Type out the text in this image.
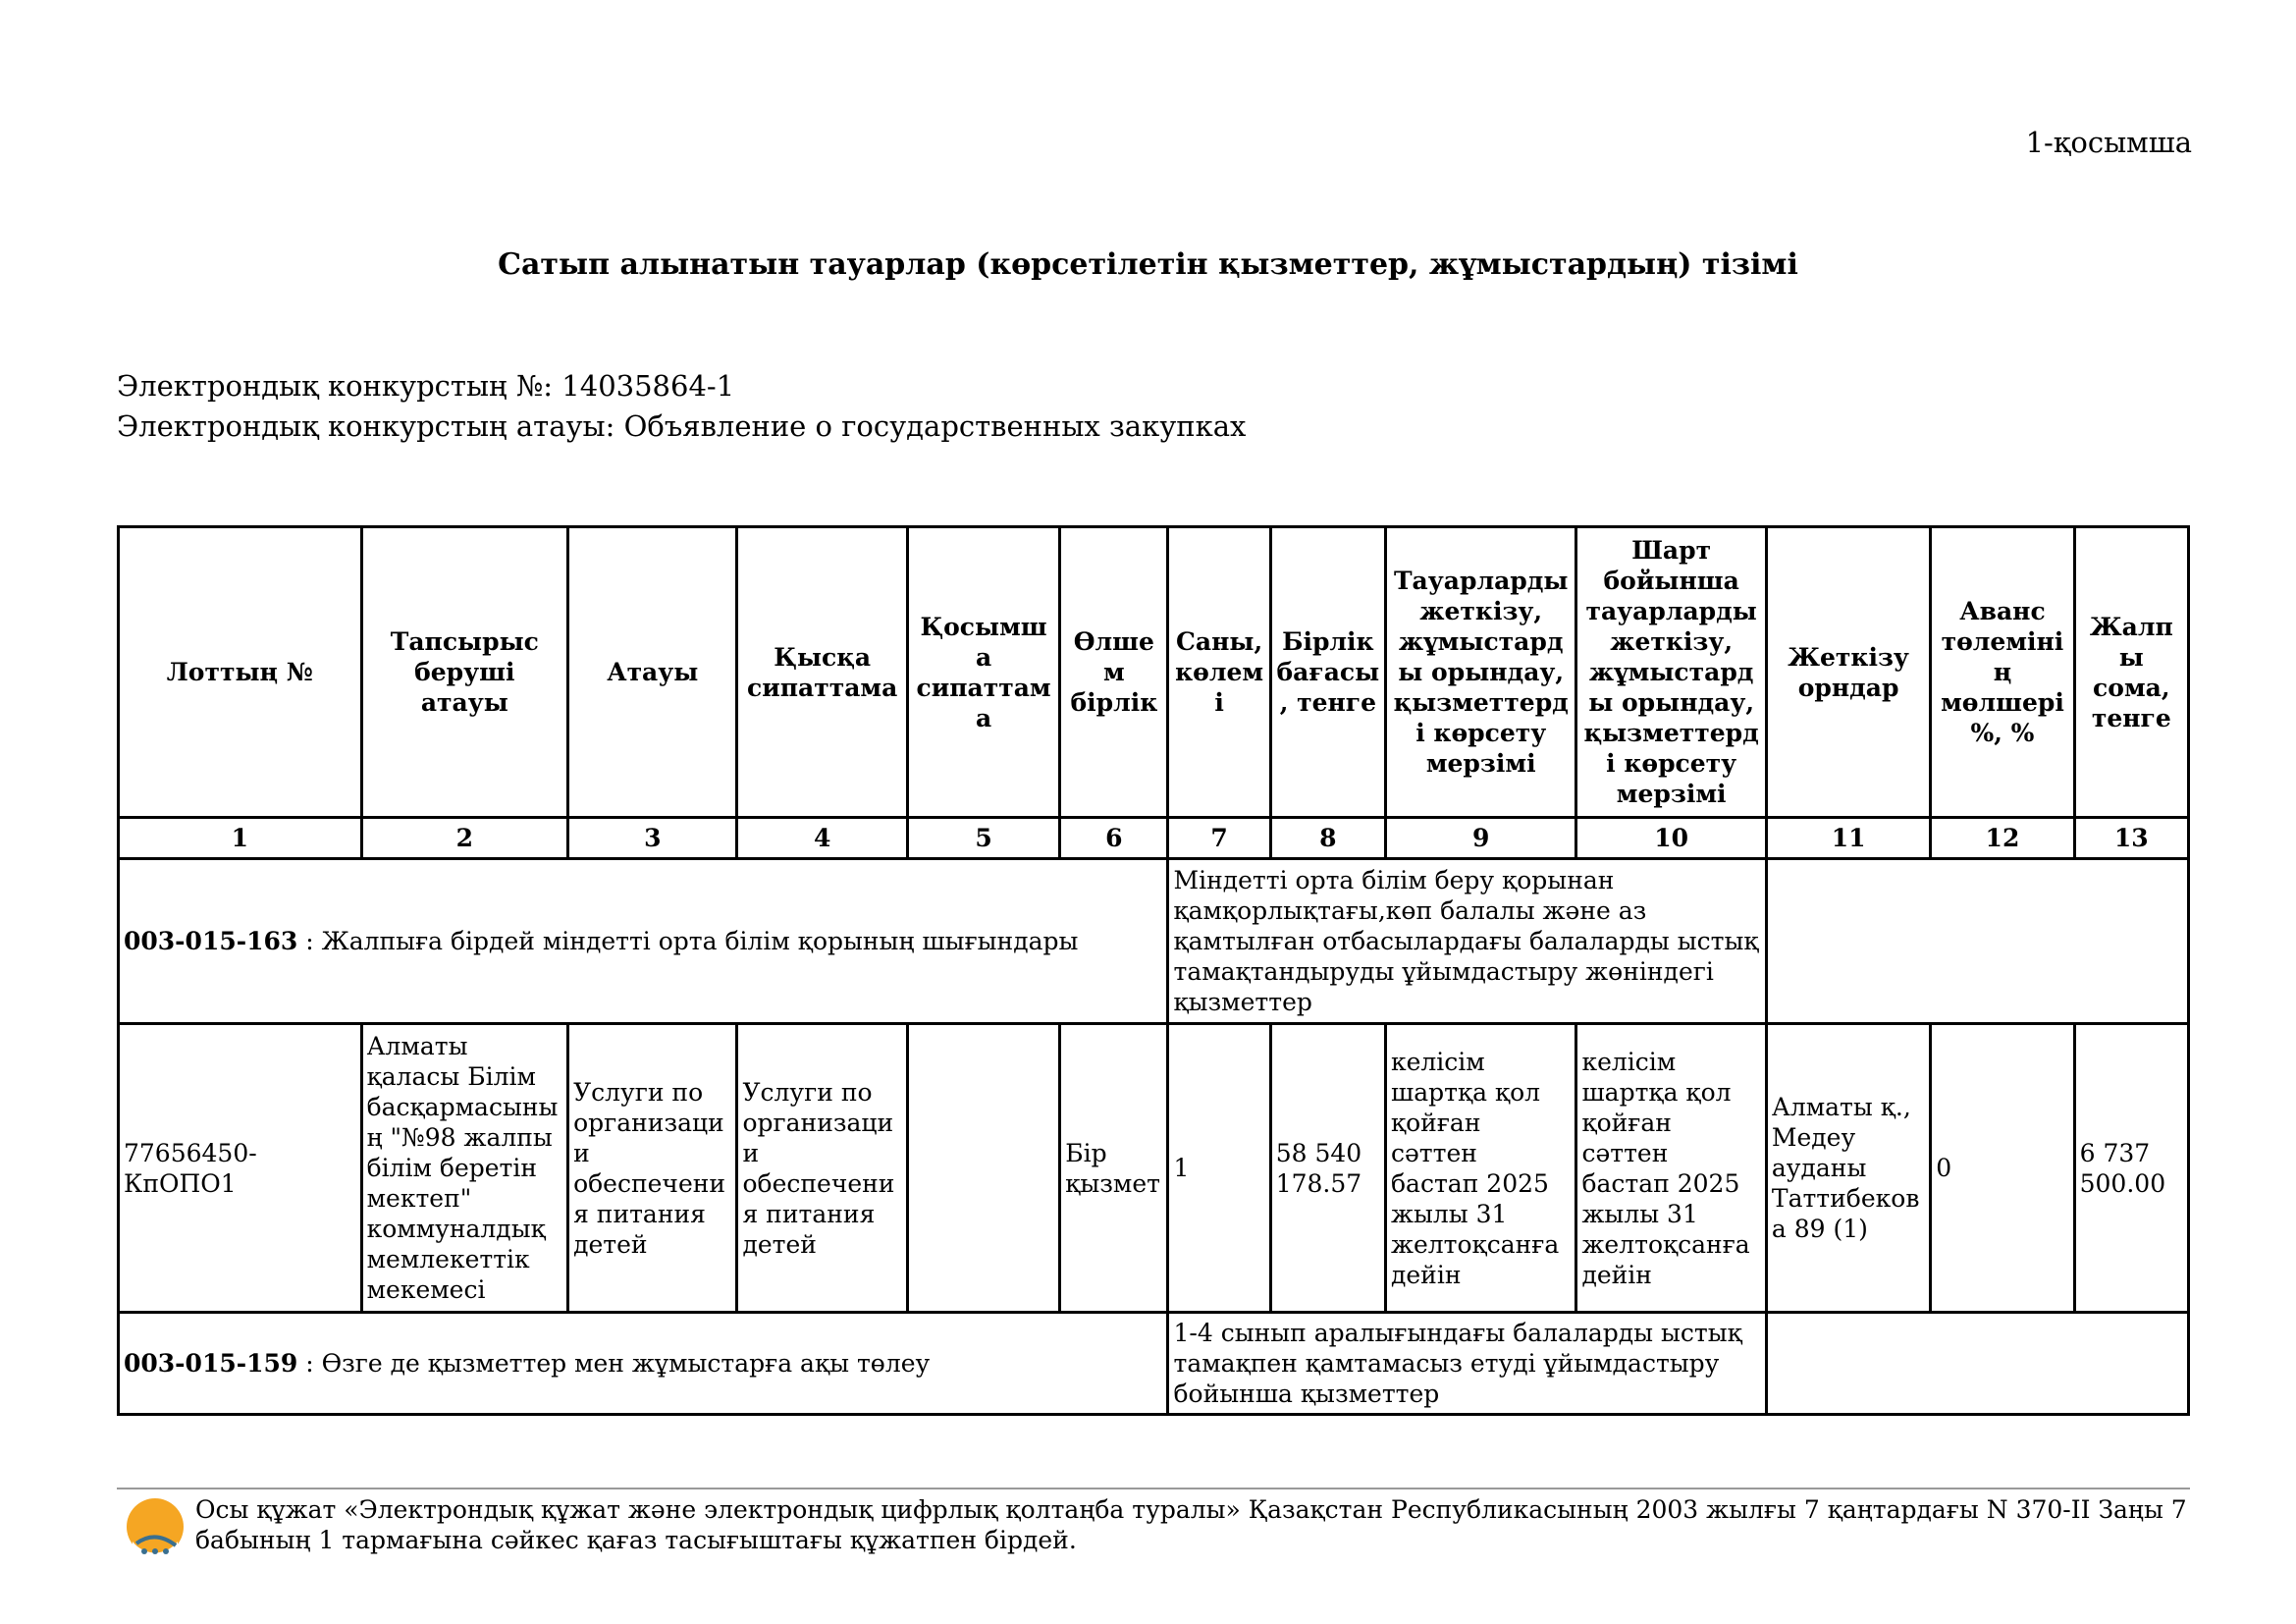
1-қосымша
Сатып алынатын тауарлар (көрсетілетін қызметтер, жұмыстардың) тізімі
Электрондық конкурстың №: 14035864-1
Электрондық конкурстың атауы: Объявление о государственных закупках
Лоттың №	Тапсырыс беруші атауы	Атауы	Қысқа сипаттама	Қосымша сипаттама	Өлшем бірлік	Саны, көлемі	Бірлік бағасы, тенге	Тауарларды жеткізу, жұмыстарды орындау, қызметтерді көрсету мерзімі	Шарт бойынша тауарларды жеткізу, жұмыстарды орындау, қызметтерді көрсету мерзімі	Жеткізу орндар	Аванс төлемінің мөлшері %, %	Жалпы сома, тенге
1	2	3	4	5	6	7	8	9	10	11	12	13
003-015-163 : Жалпыға бірдей міндетті орта білім қорының шығындары						Міндетті орта білім беру қорынан қамқорлықтағы,көп балалы және аз қамтылған отбасылардағы балаларды ыстық тамақтандыруды ұйымдастыру жөніндегі қызметтер						
77656450-КпОПО1	Алматы қаласы Білім басқармасының "№98 жалпы білім беретін мектеп" коммуналдық мемлекеттік мекемесі	Услуги по организации обеспечения питания детей	Услуги по организации обеспечения питания детей		Бір қызмет	1	58 540 178.57	келісім шартқа қол қойған сәттен бастап 2025 жылы 31 желтоқсанға дейін	келісім шартқа қол қойған сәттен бастап 2025 жылы 31 желтоқсанға дейін	Алматы қ., Медеу ауданы Таттибекова 89 (1)	0	6 737 500.00
003-015-159 : Өзге де қызметтер мен жұмыстарға ақы төлеу						1-4 сынып аралығындағы балаларды ыстық тамақпен қамтамасыз етуді ұйымдастыру бойынша қызметтер						
Осы құжат «Электрондық құжат және электрондық цифрлық қолтаңба туралы» Қазақстан Республикасының 2003 жылғы 7 қаңтардағы N 370-II Заңы 7 бабының 1 тармағына сәйкес қағаз тасығыштағы құжатпен бірдей.
